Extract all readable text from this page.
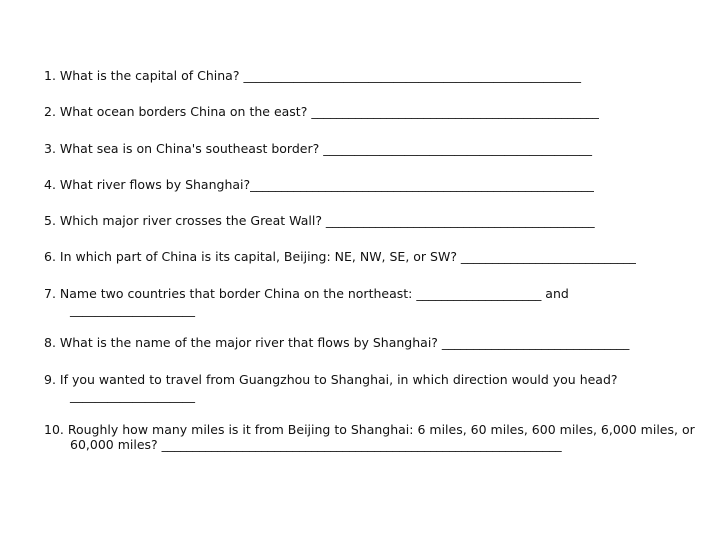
1. What is the capital of China? ______________________________________________________
2. What ocean borders China on the east? ______________________________________________
3. What sea is on China's southeast border? ___________________________________________
4. What river flows by Shanghai?_______________________________________________________
5. Which major river crosses the Great Wall? ___________________________________________
6. In which part of China is its capital, Beijing: NE, NW, SE, or SW? ____________________________
7. Name two countries that border China on the northeast: ____________________ and
____________________
8. What is the name of the major river that flows by Shanghai? ______________________________
9. If you wanted to travel from Guangzhou to Shanghai, in which direction would you head?
____________________
10. Roughly how many miles is it from Beijing to Shanghai: 6 miles, 60 miles, 600 miles, 6,000 miles, or
60,000 miles? ________________________________________________________________
